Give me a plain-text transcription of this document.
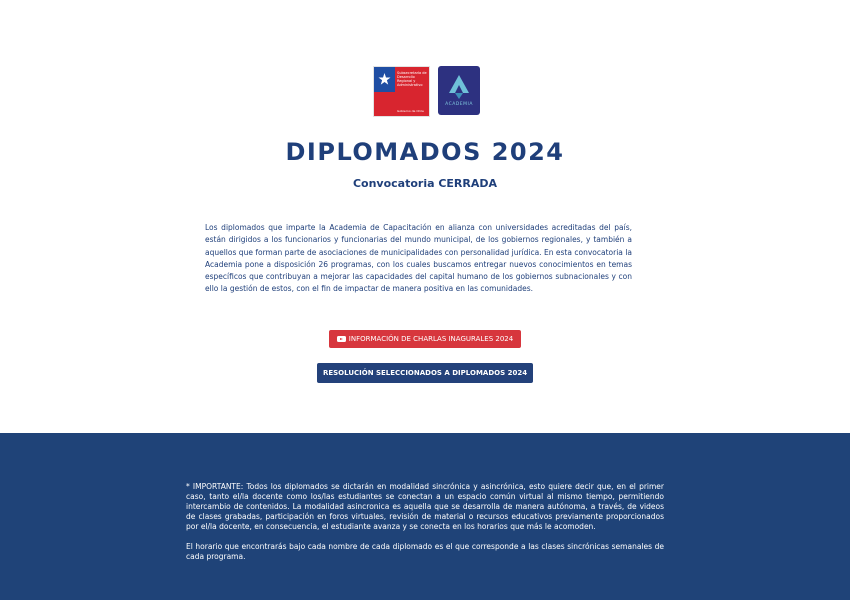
Subsecretaría de Desarrollo Regional y Administrativo
Gobierno de Chile
ACADEMIA
DIPLOMADOS 2024
Convocatoria CERRADA
Los diplomados que imparte la Academia de Capacitación en alianza con universidades acreditadas del país, están dirigidos a los funcionarios y funcionarias del mundo municipal, de los gobiernos regionales, y también a aquellos que forman parte de asociaciones de municipalidades con personalidad jurídica. En esta convocatoria la Academia pone a disposición 26 programas, con los cuales buscamos entregar nuevos conocimientos en temas específicos que contribuyan a mejorar las capacidades del capital humano de los gobiernos subnacionales y con ello la gestión de estos, con el fin de impactar de manera positiva en las comunidades.
INFORMACIÓN DE CHARLAS INAGURALES 2024
RESOLUCIÓN SELECCIONADOS A DIPLOMADOS 2024

* IMPORTANTE: Todos los diplomados se dictarán en modalidad sincrónica y asincrónica, esto quiere decir que, en el primer caso, tanto el/la docente como los/las estudiantes se conectan a un espacio común virtual al mismo tiempo, permitiendo intercambio de contenidos. La modalidad asincronica es aquella que se desarrolla de manera autónoma, a través, de videos de clases grabadas, participación en foros virtuales, revisión de material o recursos educativos previamente proporcionados por el/la docente, en consecuencia, el estudiante avanza y se conecta en los horarios que más le acomoden.

El horario que encontrarás bajo cada nombre de cada diplomado es el que corresponde a las clases sincrónicas semanales de cada programa.
